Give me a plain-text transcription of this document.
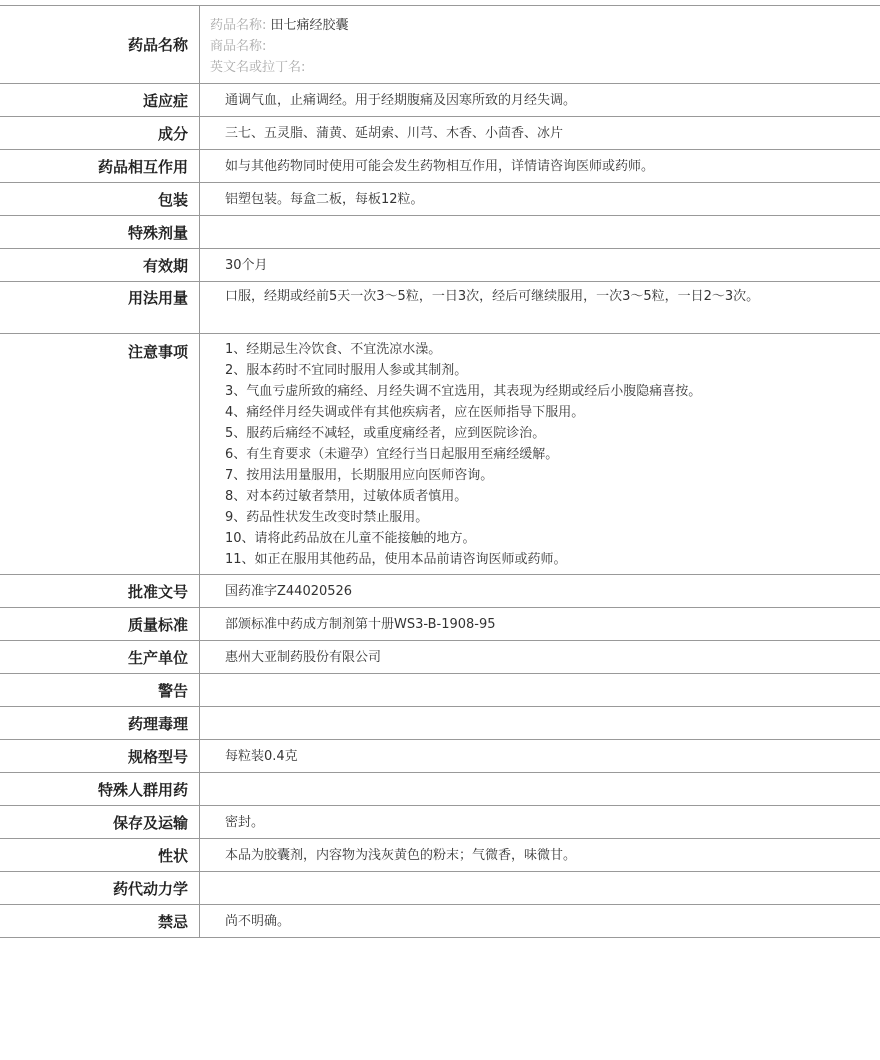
药品名称
药品名称: 田七痛经胶囊
商品名称:
英文名或拉丁名:
适应症	通调气血，止痛调经。用于经期腹痛及因寒所致的月经失调。
成分	三七、五灵脂、蒲黄、延胡索、川芎、木香、小茴香、冰片
药品相互作用	如与其他药物同时使用可能会发生药物相互作用，详情请咨询医师或药师。
包装	铝塑包装。每盒二板，每板12粒。
特殊剂量
有效期	30个月
用法用量	口服，经期或经前5天一次3～5粒，一日3次，经后可继续服用，一次3～5粒，一日2～3次。
注意事项	1、经期忌生冷饮食、不宜洗凉水澡。
2、服本药时不宜同时服用人参或其制剂。
3、气血亏虚所致的痛经、月经失调不宜选用，其表现为经期或经后小腹隐痛喜按。
4、痛经伴月经失调或伴有其他疾病者，应在医师指导下服用。
5、服药后痛经不减轻，或重度痛经者，应到医院诊治。
6、有生育要求（未避孕）宜经行当日起服用至痛经缓解。
7、按用法用量服用，长期服用应向医师咨询。
8、对本药过敏者禁用，过敏体质者慎用。
9、药品性状发生改变时禁止服用。
10、请将此药品放在儿童不能接触的地方。
11、如正在服用其他药品，使用本品前请咨询医师或药师。
批准文号	国药准字Z44020526
质量标准	部颁标准中药成方制剂第十册WS3-B-1908-95
生产单位	惠州大亚制药股份有限公司
警告
药理毒理
规格型号	每粒装0.4克
特殊人群用药
保存及运输	密封。
性状	本品为胶囊剂，内容物为浅灰黄色的粉末；气微香，味微甘。
药代动力学
禁忌	尚不明确。
